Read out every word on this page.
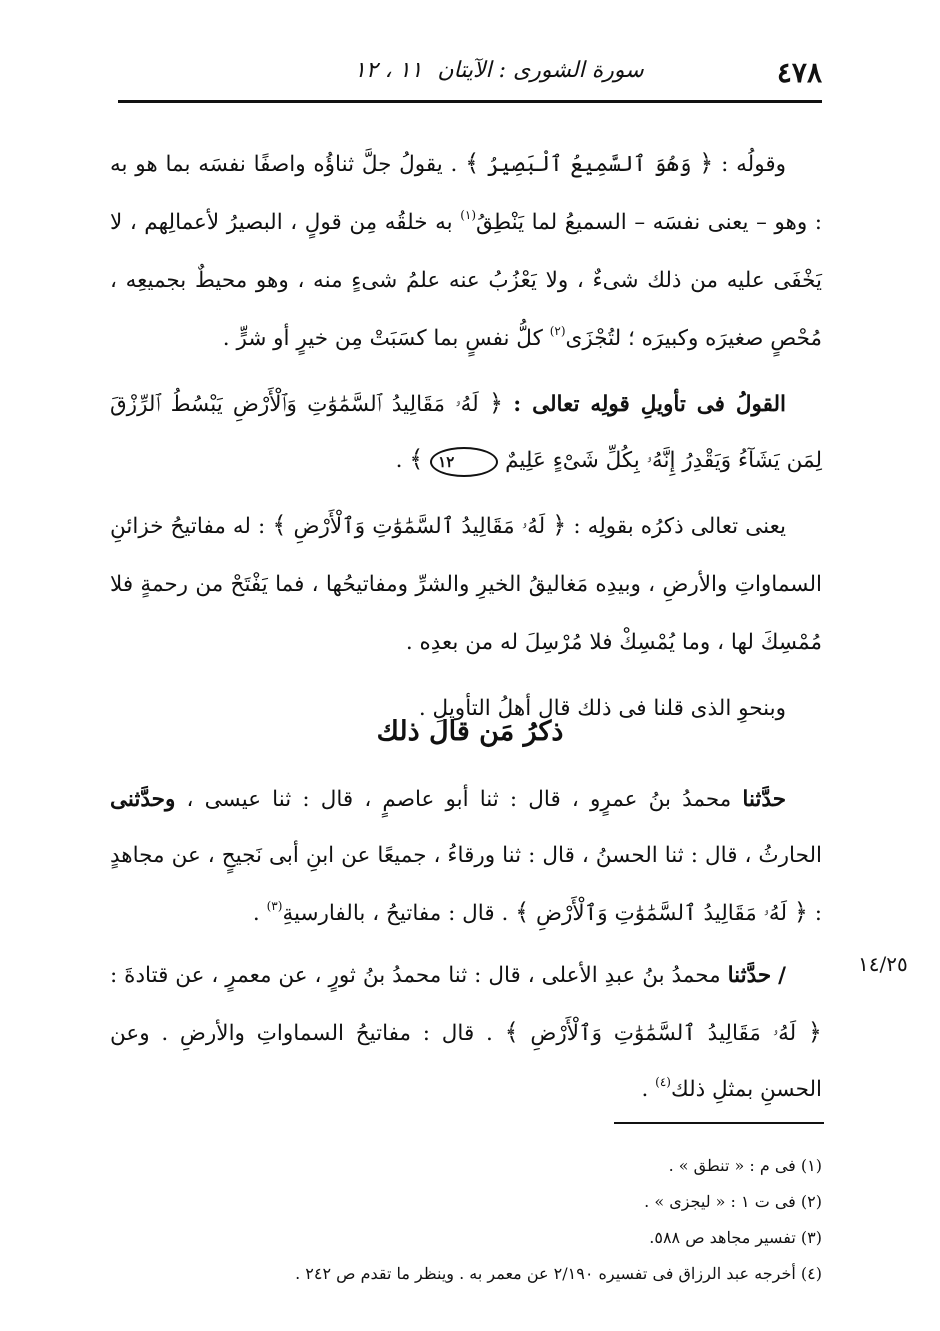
٤٧٨
سورة الشورى : الآيتان ١١ ، ١٢

وقولُه : ﴿ وَهُوَ ٱلسَّمِيعُ ٱلْبَصِيرُ ﴾ . يقولُ جلَّ ثناؤُه واصفًا نفسَه بما هو به : وهو – يعنى نفسَه – السميعُ لما يَنْطِقُ$^{(١)}$ به خلقُه مِن قولٍ ، البصيرُ لأعمالِهم ، لا يَخْفَى عليه من ذلك شىءٌ ، ولا يَعْزُبُ عنه علمُ شىءٍ منه ، وهو محيطٌ بجميعِه ، مُحْصٍ صغيرَه وكبيرَه ؛ لتُجْزَى$^{(٢)}$ كلُّ نفسٍ بما كسَبَتْ مِن خيرٍ أو شرٍّ .

القولُ فى تأويلِ قولِه تعالى : ﴿ لَهُۥ مَقَالِيدُ ٱلسَّمَٰوَٰتِ وَٱلْأَرْضِ يَبْسُطُ ٱلرِّزْقَ لِمَن يَشَآءُ وَيَقْدِرُ إِنَّهُۥ بِكُلِّ شَىْءٍ عَلِيمٌ ١٢ ﴾ .

يعنى تعالى ذكرُه بقولِه : ﴿ لَهُۥ مَقَالِيدُ ٱلسَّمَٰوَٰتِ وَٱلْأَرْضِ ﴾ : له مفاتيحُ خزائنِ السماواتِ والأرضِ ، وبيدِه مَغاليقُ الخيرِ والشرِّ ومفاتيحُها ، فما يَفْتَحْ من رحمةٍ فلا مُمْسِكَ لها ، وما يُمْسِكْ فلا مُرْسِلَ له من بعدِه .

وبنحوِ الذى قلنا فى ذلك قال أهلُ التأويلِ .

ذكرُ مَن قال ذلك

حدَّثنا محمدُ بنُ عمرٍو ، قال : ثنا أبو عاصمٍ ، قال : ثنا عيسى ، وحدَّثنى الحارثُ ، قال : ثنا الحسنُ ، قال : ثنا ورقاءُ ، جميعًا عن ابنِ أبى نَجيحٍ ، عن مجاهدٍ : ﴿ لَهُۥ مَقَالِيدُ ٱلسَّمَٰوَٰتِ وَٱلْأَرْضِ ﴾ . قال : مفاتيحُ ، بالفارسيةِ$^{(٣)}$ .

/ حدَّثنا محمدُ بنُ عبدِ الأعلى ، قال : ثنا محمدُ بنُ ثورٍ ، عن معمرٍ ، عن قتادةَ : ﴿ لَهُۥ مَقَالِيدُ ٱلسَّمَٰوَٰتِ وَٱلْأَرْضِ ﴾ . قال : مفاتيحُ السماواتِ والأرضِ . وعن الحسنِ بمثلِ ذلك$^{(٤)}$ .

١٤/٢٥
(١) فى م : « تنطق » .
(٢) فى ت ١ : « ليجزى » .
(٣) تفسير مجاهد ص ٥٨٨.
(٤) أخرجه عبد الرزاق فى تفسيره ٢/١٩٠ عن معمر به . وينظر ما تقدم ص ٢٤٢ .
